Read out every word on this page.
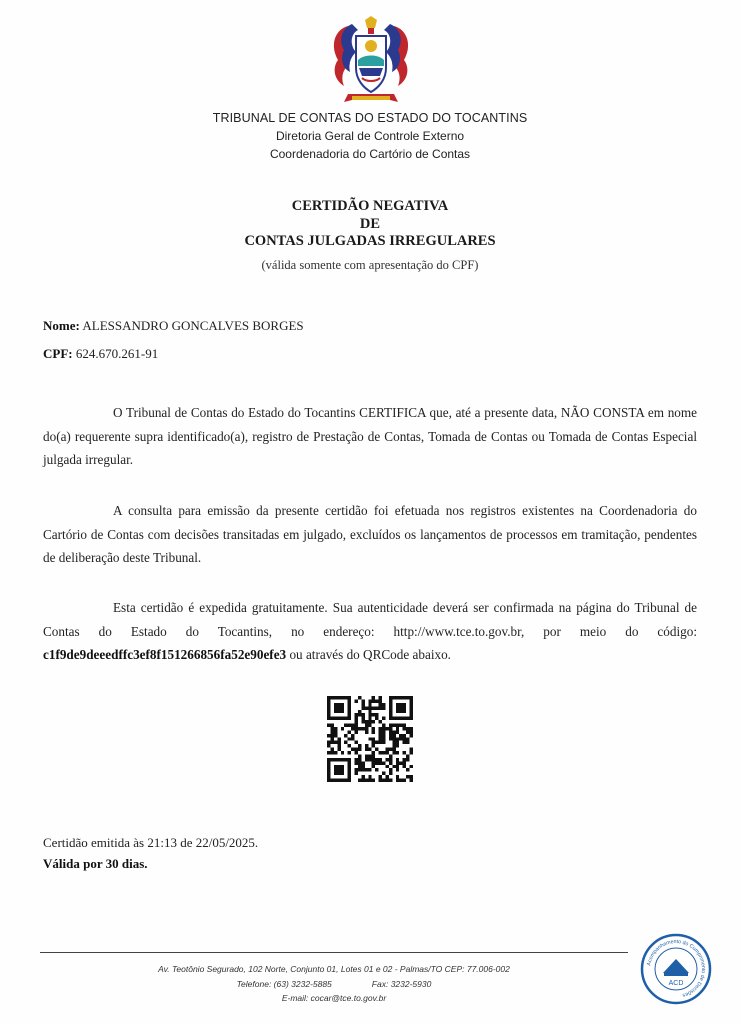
TRIBUNAL DE CONTAS DO ESTADO DO TOCANTINS
Diretoria Geral de Controle Externo
Coordenadoria do Cartório de Contas
CERTIDÃO NEGATIVA
DE
CONTAS JULGADAS IRREGULARES
(válida somente com apresentação do CPF)
Nome: ALESSANDRO GONCALVES BORGES
CPF: 624.670.261-91
O Tribunal de Contas do Estado do Tocantins CERTIFICA que, até a presente data, NÃO CONSTA em nome do(a) requerente supra identificado(a), registro de Prestação de Contas, Tomada de Contas ou Tomada de Contas Especial julgada irregular.
A consulta para emissão da presente certidão foi efetuada nos registros existentes na Coordenadoria do Cartório de Contas com decisões transitadas em julgado, excluídos os lançamentos de processos em tramitação, pendentes de deliberação deste Tribunal.
Esta certidão é expedida gratuitamente. Sua autenticidade deverá ser confirmada na página do Tribunal de Contas do Estado do Tocantins, no endereço: http://www.tce.to.gov.br, por meio do código: c1f9de9deeedffc3ef8f151266856fa52e90efe3 ou através do QRCode abaixo.
Certidão emitida às 21:13 de 22/05/2025.
Válida por 30 dias.
Av. Teotônio Segurado, 102 Norte, Conjunto 01, Lotes 01 e 02 - Palmas/TO CEP: 77.006-002
Telefone: (63) 3232-5885	Fax: 3232-5930
E-mail: cocar@tce.to.gov.br
Acompanhamento do Cumprimento de Decisões
ACD
